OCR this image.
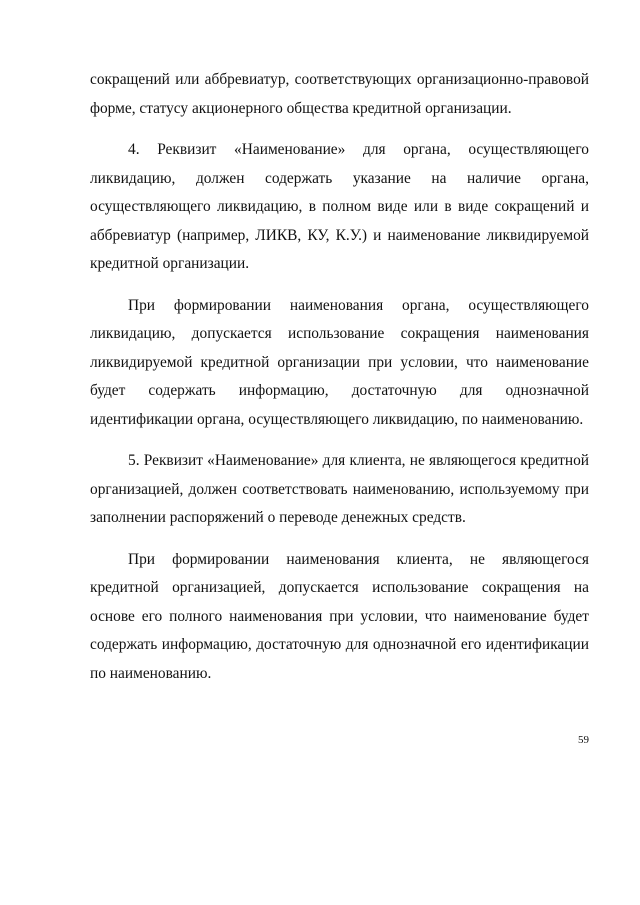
сокращений или аббревиатур, соответствующих организационно-правовой форме, статусу акционерного общества кредитной организации.

4. Реквизит «Наименование» для органа, осуществляющего ликвидацию, должен содержать указание на наличие органа, осуществляющего ликвидацию, в полном виде или в виде сокращений и аббревиатур (например, ЛИКВ, КУ, К.У.) и наименование ликвидируемой кредитной организации.

При формировании наименования органа, осуществляющего ликвидацию, допускается использование сокращения наименования ликвидируемой кредитной организации при условии, что наименование будет содержать информацию, достаточную для однозначной идентификации органа, осуществляющего ликвидацию, по наименованию.

5. Реквизит «Наименование» для клиента, не являющегося кредитной организацией, должен соответствовать наименованию, используемому при заполнении распоряжений о переводе денежных средств.

При формировании наименования клиента, не являющегося кредитной организацией, допускается использование сокращения на основе его полного наименования при условии, что наименование будет содержать информацию, достаточную для однозначной его идентификации по наименованию.

59
